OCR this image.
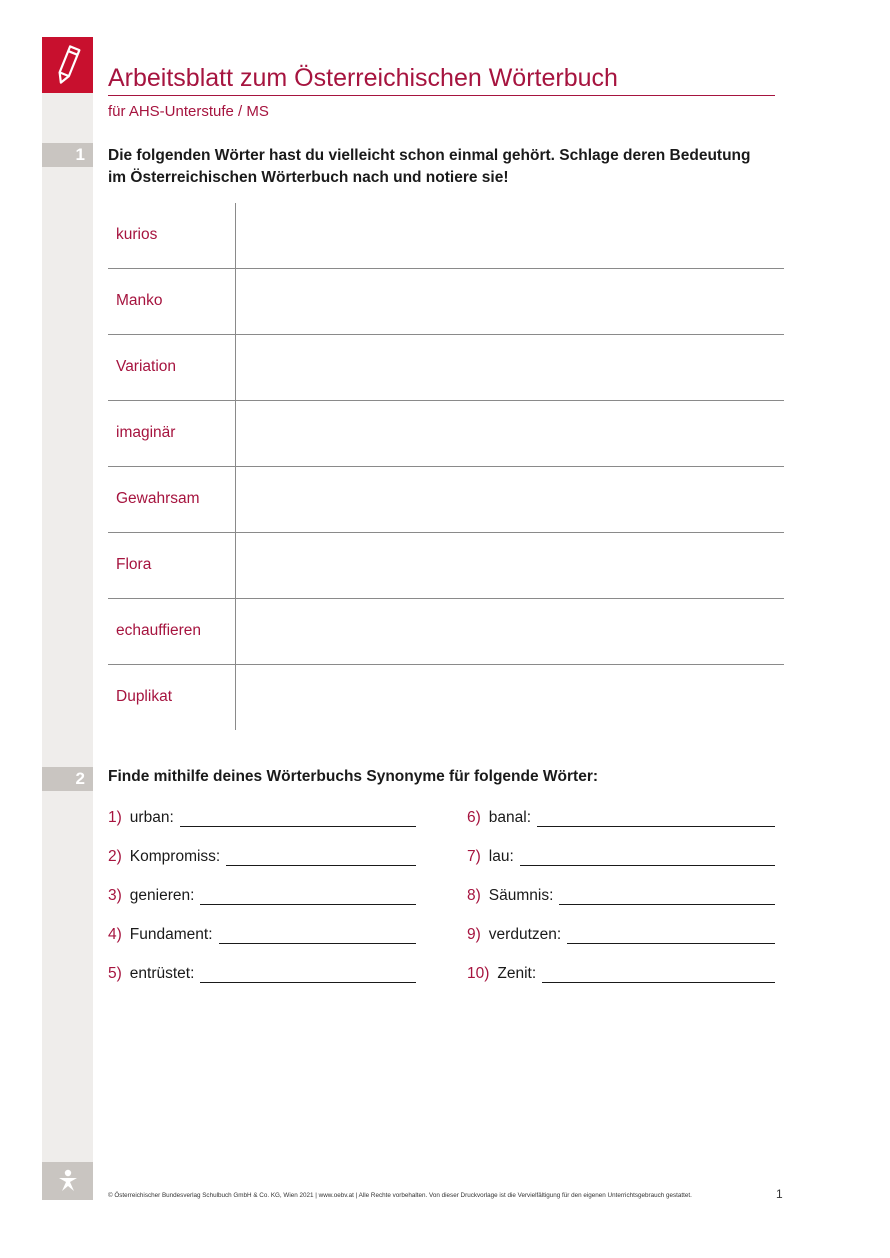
Arbeitsblatt zum Österreichischen Wörterbuch
für AHS-Unterstufe / MS
1	Die folgenden Wörter hast du vielleicht schon einmal gehört. Schlage deren Bedeutung
im Österreichischen Wörterbuch nach und notiere sie!
kurios
Manko
Variation
imaginär
Gewahrsam
Flora
echauffieren
Duplikat
2	Finde mithilfe deines Wörterbuchs Synonyme für folgende Wörter:
1) urban:
2) Kompromiss:
3) genieren:
4) Fundament:
5) entrüstet:
6) banal:
7) lau:
8) Säumnis:
9) verdutzen:
10) Zenit:
© Österreichischer Bundesverlag Schulbuch GmbH & Co. KG, Wien 2021 | www.oebv.at | Alle Rechte vorbehalten. Von dieser Druckvorlage ist die Vervielfältigung für den eigenen Unterrichtsgebrauch gestattet.	1
